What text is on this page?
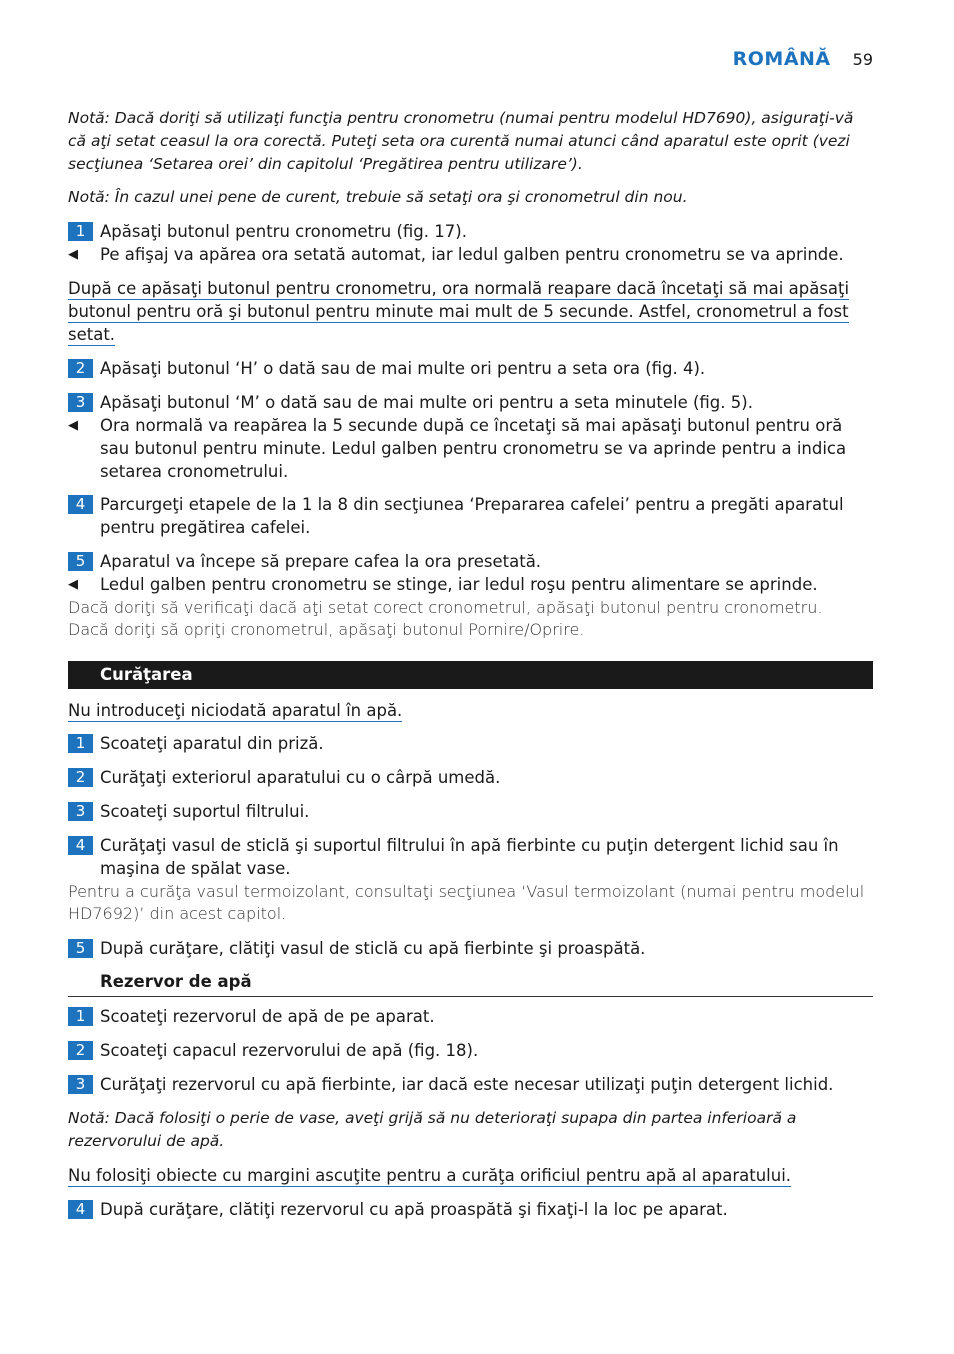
ROMÂNĂ 59
Notă: Dacă doriţi să utilizaţi funcţia pentru cronometru (numai pentru modelul HD7690), asiguraţi-vă că aţi setat ceasul la ora corectă. Puteţi seta ora curentă numai atunci când aparatul este oprit (vezi secţiunea ‘Setarea orei’ din capitolul ‘Pregătirea pentru utilizare’).
Notă: În cazul unei pene de curent, trebuie să setaţi ora şi cronometrul din nou.
1 Apăsaţi butonul pentru cronometru (fig. 17).
◀	Pe afişaj va apărea ora setată automat, iar ledul galben pentru cronometru se va aprinde.
După ce apăsaţi butonul pentru cronometru, ora normală reapare dacă încetaţi să mai apăsaţi butonul pentru oră şi butonul pentru minute mai mult de 5 secunde. Astfel, cronometrul a fost setat.
2 Apăsaţi butonul ‘H’ o dată sau de mai multe ori pentru a seta ora (fig. 4).
3 Apăsaţi butonul ‘M’ o dată sau de mai multe ori pentru a seta minutele (fig. 5).
◀	Ora normală va reapărea la 5 secunde după ce încetaţi să mai apăsaţi butonul pentru oră sau butonul pentru minute. Ledul galben pentru cronometru se va aprinde pentru a indica setarea cronometrului.
4 Parcurgeţi etapele de la 1 la 8 din secţiunea ‘Prepararea cafelei’ pentru a pregăti aparatul pentru pregătirea cafelei.
5 Aparatul va începe să prepare cafea la ora presetată.
◀	Ledul galben pentru cronometru se stinge, iar ledul roşu pentru alimentare se aprinde.
Dacă doriţi să verificaţi dacă aţi setat corect cronometrul, apăsaţi butonul pentru cronometru.
Dacă doriţi să opriţi cronometrul, apăsaţi butonul Pornire/Oprire.
Curăţarea
Nu introduceţi niciodată aparatul în apă.
1 Scoateţi aparatul din priză.
2 Curăţaţi exteriorul aparatului cu o cârpă umedă.
3 Scoateţi suportul filtrului.
4 Curăţaţi vasul de sticlă şi suportul filtrului în apă fierbinte cu puţin detergent lichid sau în maşina de spălat vase.
Pentru a curăţa vasul termoizolant, consultaţi secţiunea ‘Vasul termoizolant (numai pentru modelul HD7692)’ din acest capitol.
5 După curăţare, clătiţi vasul de sticlă cu apă fierbinte şi proaspătă.
Rezervor de apă
1 Scoateţi rezervorul de apă de pe aparat.
2 Scoateţi capacul rezervorului de apă (fig. 18).
3 Curăţaţi rezervorul cu apă fierbinte, iar dacă este necesar utilizaţi puţin detergent lichid.
Notă: Dacă folosiţi o perie de vase, aveţi grijă să nu deterioraţi supapa din partea inferioară a rezervorului de apă.
Nu folosiţi obiecte cu margini ascuţite pentru a curăţa orificiul pentru apă al aparatului.
4 După curăţare, clătiţi rezervorul cu apă proaspătă şi fixaţi-l la loc pe aparat.
